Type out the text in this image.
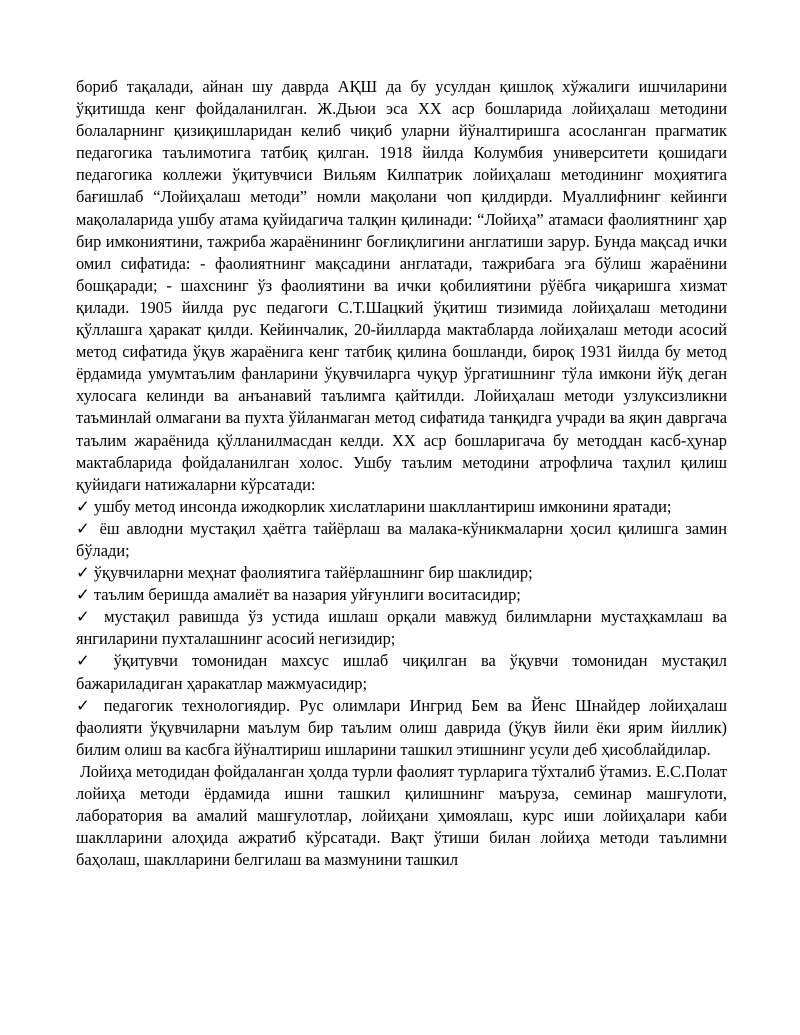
бориб тақалади, айнан шу даврда АҚШ да бу усулдан қишлоқ хўжалиги ишчиларини ўқитишда кенг фойдаланилган. Ж.Дьюи эса XX аср бошларида лойиҳалаш методини болаларнинг қизиқишларидан келиб чиқиб уларни йўналтиришга асосланган прагматик педагогика таълимотига татбиқ қилган. 1918 йилда Колумбия университети қошидаги педагогика коллежи ўқитувчиси Вильям Килпатрик лойиҳалаш методининг моҳиятига бағишлаб “Лойиҳалаш методи” номли мақолани чоп қилдирди. Муаллифнинг кейинги мақолаларида ушбу атама қуйидагича талқин қилинади: “Лойиҳа” атамаси фаолиятнинг ҳар бир имкониятини, тажриба жараёнининг боғлиқлигини англатиши зарур. Бунда мақсад ички омил сифатида: - фаолиятнинг мақсадини англатади, тажрибага эга бўлиш жараёнини бошқаради; - шахснинг ўз фаолиятини ва ички қобилиятини рўёбга чиқаришга хизмат қилади. 1905 йилда рус педагоги С.Т.Шацкий ўқитиш тизимида лойиҳалаш методини қўллашга ҳаракат қилди. Кейинчалик, 20-йилларда мактабларда лойиҳалаш методи асосий метод сифатида ўқув жараёнига кенг татбиқ қилина бошланди, бироқ 1931 йилда бу метод ёрдамида умумтаълим фанларини ўқувчиларга чуқур ўргатишнинг тўла имкони йўқ деган хулосага келинди ва анъанавий таълимга қайтилди. Лойиҳалаш методи узлуксизликни таъминлай олмагани ва пухта ўйланмаган метод сифатида танқидга учради ва яқин давргача таълим жараёнида қўлланилмасдан келди. XX аср бошларигача бу методдан касб-ҳунар мактабларида фойдаланилган холос. Ушбу таълим методини атрофлича таҳлил қилиш қуйидаги натижаларни кўрсатади:

✓ ушбу метод инсонда ижодкорлик хислатларини шакллантириш имконини яратади;

✓ ёш авлодни мустақил ҳаётга тайёрлаш ва малака-кўникмаларни ҳосил қилишга замин бўлади;

✓ ўқувчиларни меҳнат фаолиятига тайёрлашнинг бир шаклидир;

✓ таълим беришда амалиёт ва назария уйғунлиги воситасидир;

✓ мустақил равишда ўз устида ишлаш орқали мавжуд билимларни мустаҳкамлаш ва янгиларини пухталашнинг асосий негизидир;

✓ ўқитувчи томонидан махсус ишлаб чиқилган ва ўқувчи томонидан мустақил бажариладиган ҳаракатлар мажмуасидир;

✓ педагогик технологиядир. Рус олимлари Ингрид Бем ва Йенс Шнайдер лойиҳалаш фаолияти ўқувчиларни маълум бир таълим олиш даврида (ўқув йили ёки ярим йиллик) билим олиш ва касбга йўналтириш ишларини ташкил этишнинг усули деб ҳисоблайдилар.

Лойиҳа методидан фойдаланган ҳолда турли фаолият турларига тўхталиб ўтамиз. Е.С.Полат лойиҳа методи ёрдамида ишни ташкил қилишнинг маъруза, семинар машғулоти, лаборатория ва амалий машғулотлар, лойиҳани ҳимоялаш, курс иши лойиҳалари каби шаклларини алоҳида ажратиб кўрсатади. Вақт ўтиши билан лойиҳа методи таълимни баҳолаш, шаклларини белгилаш ва мазмунини ташкил
